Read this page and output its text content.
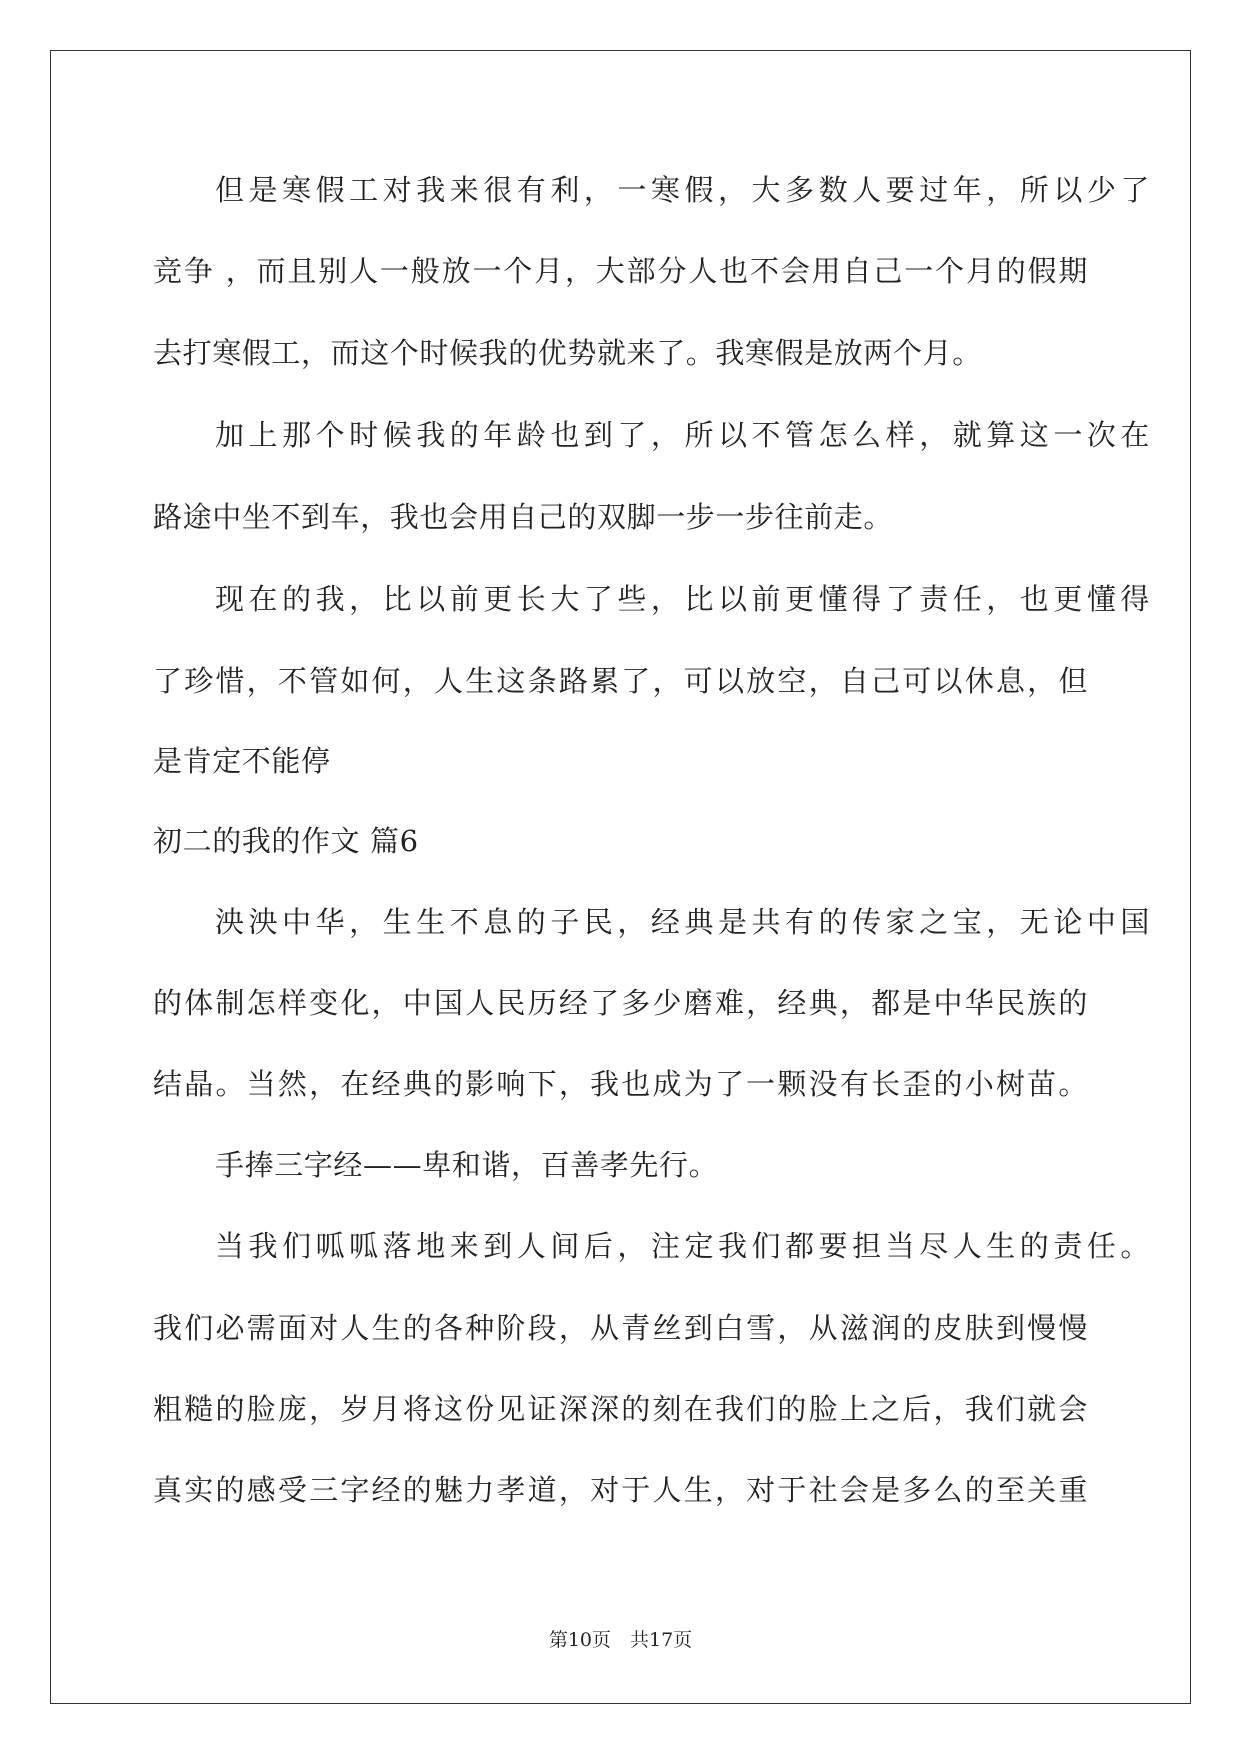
但是寒假工对我来很有利，一寒假，大多数人要过年，所以少了
竞争 ，而且别人一般放一个月，大部分人也不会用自己一个月的假期
去打寒假工，而这个时候我的优势就来了。我寒假是放两个月。
加上那个时候我的年龄也到了，所以不管怎么样，就算这一次在
路途中坐不到车，我也会用自己的双脚一步一步往前走。
现在的我，比以前更长大了些，比以前更懂得了责任，也更懂得
了珍惜，不管如何，人生这条路累了，可以放空，自己可以休息，但
是肯定不能停
初二的我的作文 篇6
泱泱中华，生生不息的子民，经典是共有的传家之宝，无论中国
的体制怎样变化，中国人民历经了多少磨难，经典，都是中华民族的
结晶。当然，在经典的影响下，我也成为了一颗没有长歪的小树苗。
手捧三字经——卑和谐，百善孝先行。
当我们呱呱落地来到人间后，注定我们都要担当尽人生的责任。
我们必需面对人生的各种阶段，从青丝到白雪，从滋润的皮肤到慢慢
粗糙的脸庞，岁月将这份见证深深的刻在我们的脸上之后，我们就会
真实的感受三字经的魅力孝道，对于人生，对于社会是多么的至关重
第10页　共17页
